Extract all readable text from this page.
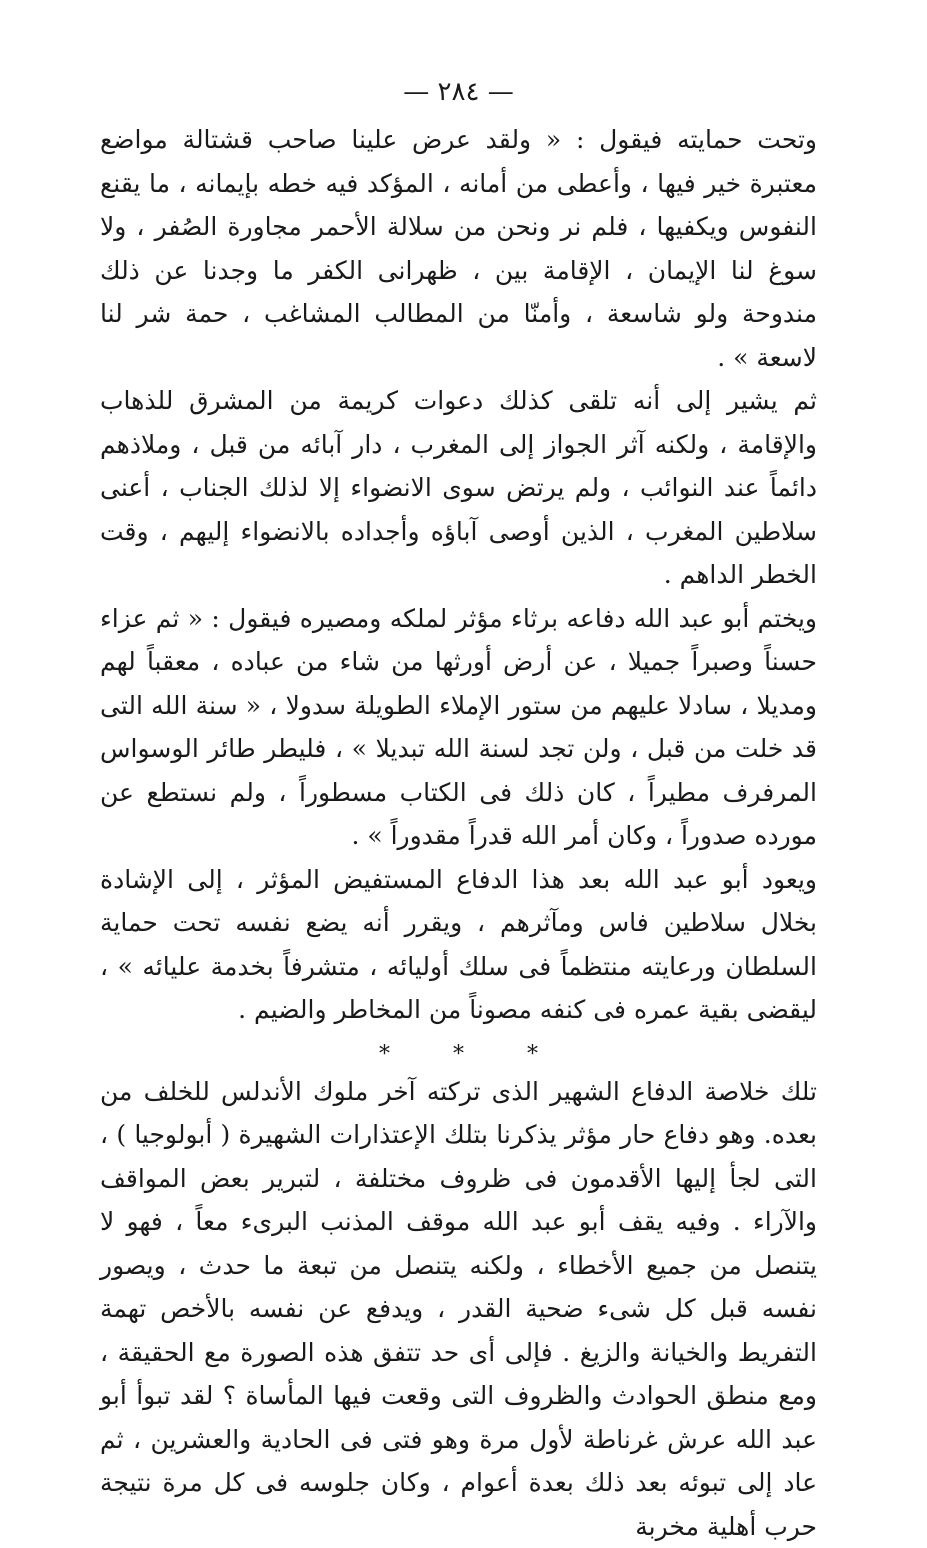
— ٢٨٤ —

وتحت حمايته فيقول : « ولقد عرض علينا صاحب قشتالة مواضع معتبرة خير فيها ، وأعطى من أمانه ، المؤكد فيه خطه بإيمانه ، ما يقنع النفوس ويكفيها ، فلم نر ونحن من سلالة الأحمر مجاورة الصُفر ، ولا سوغ لنا الإيمان ، الإقامة بين ، ظهرانى الكفر ما وجدنا عن ذلك مندوحة ولو شاسعة ، وأمنّا من المطالب المشاغب ، حمة شر لنا لاسعة » .

ثم يشير إلى أنه تلقى كذلك دعوات كريمة من المشرق للذهاب والإقامة ، ولكنه آثر الجواز إلى المغرب ، دار آبائه من قبل ، وملاذهم دائماً عند النوائب ، ولم يرتض سوى الانضواء إلا لذلك الجناب ، أعنى سلاطين المغرب ، الذين أوصى آباؤه وأجداده بالانضواء إليهم ، وقت الخطر الداهم .

ويختم أبو عبد الله دفاعه برثاء مؤثر لملكه ومصيره فيقول : « ثم عزاء حسناً وصبراً جميلا ، عن أرض أورثها من شاء من عباده ، معقباً لهم ومديلا ، سادلا عليهم من ستور الإملاء الطويلة سدولا ، « سنة الله التى قد خلت من قبل ، ولن تجد لسنة الله تبديلا » ، فليطر طائر الوسواس المرفرف مطيراً ، كان ذلك فى الكتاب مسطوراً ، ولم نستطع عن مورده صدوراً ، وكان أمر الله قدراً مقدوراً » .

ويعود أبو عبد الله بعد هذا الدفاع المستفيض المؤثر ، إلى الإشادة بخلال سلاطين فاس ومآثرهم ، ويقرر أنه يضع نفسه تحت حماية السلطان ورعايته منتظماً فى سلك أوليائه ، متشرفاً بخدمة عليائه » ، ليقضى بقية عمره فى كنفه مصوناً من المخاطر والضيم .

* * *

تلك خلاصة الدفاع الشهير الذى تركته آخر ملوك الأندلس للخلف من بعده. وهو دفاع حار مؤثر يذكرنا بتلك الإعتذارات الشهيرة ( أبولوجيا ) ، التى لجأ إليها الأقدمون فى ظروف مختلفة ، لتبرير بعض المواقف والآراء . وفيه يقف أبو عبد الله موقف المذنب البرىء معاً ، فهو لا يتنصل من جميع الأخطاء ، ولكنه يتنصل من تبعة ما حدث ، ويصور نفسه قبل كل شىء ضحية القدر ، ويدفع عن نفسه بالأخص تهمة التفريط والخيانة والزيغ . فإلى أى حد تتفق هذه الصورة مع الحقيقة ، ومع منطق الحوادث والظروف التى وقعت فيها المأساة ؟ لقد تبوأ أبو عبد الله عرش غرناطة لأول مرة وهو فتى فى الحادية والعشرين ، ثم عاد إلى تبوئه بعد ذلك بعدة أعوام ، وكان جلوسه فى كل مرة نتيجة حرب أهلية مخربة
